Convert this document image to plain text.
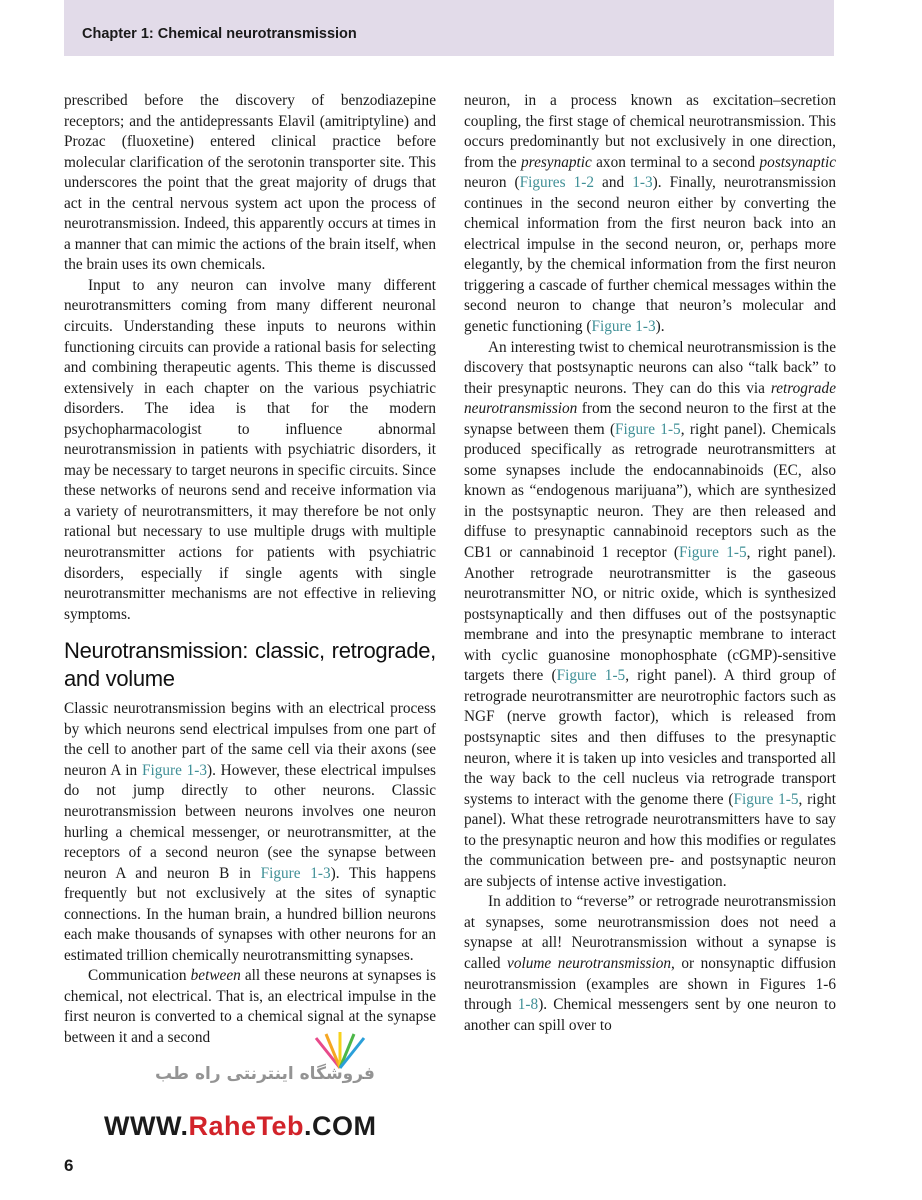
Chapter 1: Chemical neurotransmission

prescribed before the discovery of benzodiazepine receptors; and the antidepressants Elavil (amitriptyline) and Prozac (fluoxetine) entered clinical practice before molecular clarification of the serotonin transporter site. This underscores the point that the great majority of drugs that act in the central nervous system act upon the process of neurotransmission. Indeed, this apparently occurs at times in a manner that can mimic the actions of the brain itself, when the brain uses its own chemicals.

Input to any neuron can involve many different neurotransmitters coming from many different neuronal circuits. Understanding these inputs to neurons within functioning circuits can provide a rational basis for selecting and combining therapeutic agents. This theme is discussed extensively in each chapter on the various psychiatric disorders. The idea is that for the modern psychopharmacologist to influence abnormal neurotransmission in patients with psychiatric disorders, it may be necessary to target neurons in specific circuits. Since these networks of neurons send and receive information via a variety of neurotransmitters, it may therefore be not only rational but necessary to use multiple drugs with multiple neurotransmitter actions for patients with psychiatric disorders, especially if single agents with single neurotransmitter mechanisms are not effective in relieving symptoms.

Neurotransmission: classic, retrograde, and volume

Classic neurotransmission begins with an electrical process by which neurons send electrical impulses from one part of the cell to another part of the same cell via their axons (see neuron A in Figure 1-3). However, these electrical impulses do not jump directly to other neurons. Classic neurotransmission between neurons involves one neuron hurling a chemical messenger, or neurotransmitter, at the receptors of a second neuron (see the synapse between neuron A and neuron B in Figure 1-3). This happens frequently but not exclusively at the sites of synaptic connections. In the human brain, a hundred billion neurons each make thousands of synapses with other neurons for an estimated trillion chemically neurotransmitting synapses.

Communication between all these neurons at synapses is chemical, not electrical. That is, an electrical impulse in the first neuron is converted to a chemical signal at the synapse between it and a second

neuron, in a process known as excitation–secretion coupling, the first stage of chemical neurotransmission. This occurs predominantly but not exclusively in one direction, from the presynaptic axon terminal to a second postsynaptic neuron (Figures 1-2 and 1-3). Finally, neurotransmission continues in the second neuron either by converting the chemical information from the first neuron back into an electrical impulse in the second neuron, or, perhaps more elegantly, by the chemical information from the first neuron triggering a cascade of further chemical messages within the second neuron to change that neuron’s molecular and genetic functioning (Figure 1-3).

An interesting twist to chemical neurotransmission is the discovery that postsynaptic neurons can also “talk back” to their presynaptic neurons. They can do this via retrograde neurotransmission from the second neuron to the first at the synapse between them (Figure 1-5, right panel). Chemicals produced specifically as retrograde neurotransmitters at some synapses include the endocannabinoids (EC, also known as “endogenous marijuana”), which are synthesized in the postsynaptic neuron. They are then released and diffuse to presynaptic cannabinoid receptors such as the CB1 or cannabinoid 1 receptor (Figure 1-5, right panel). Another retrograde neurotransmitter is the gaseous neurotransmitter NO, or nitric oxide, which is synthesized postsynaptically and then diffuses out of the postsynaptic membrane and into the presynaptic membrane to interact with cyclic guanosine monophosphate (cGMP)-sensitive targets there (Figure 1-5, right panel). A third group of retrograde neurotransmitter are neurotrophic factors such as NGF (nerve growth factor), which is released from postsynaptic sites and then diffuses to the presynaptic neuron, where it is taken up into vesicles and transported all the way back to the cell nucleus via retrograde transport systems to interact with the genome there (Figure 1-5, right panel). What these retrograde neurotransmitters have to say to the presynaptic neuron and how this modifies or regulates the communication between pre- and postsynaptic neuron are subjects of intense active investigation.

In addition to “reverse” or retrograde neurotransmission at synapses, some neurotransmission does not need a synapse at all! Neurotransmission without a synapse is called volume neurotransmission, or nonsynaptic diffusion neurotransmission (examples are shown in Figures 1-6 through 1-8). Chemical messengers sent by one neuron to another can spill over to

فروشگاه اینترنتی راه طب
WWW.RaheTeb.COM
6
